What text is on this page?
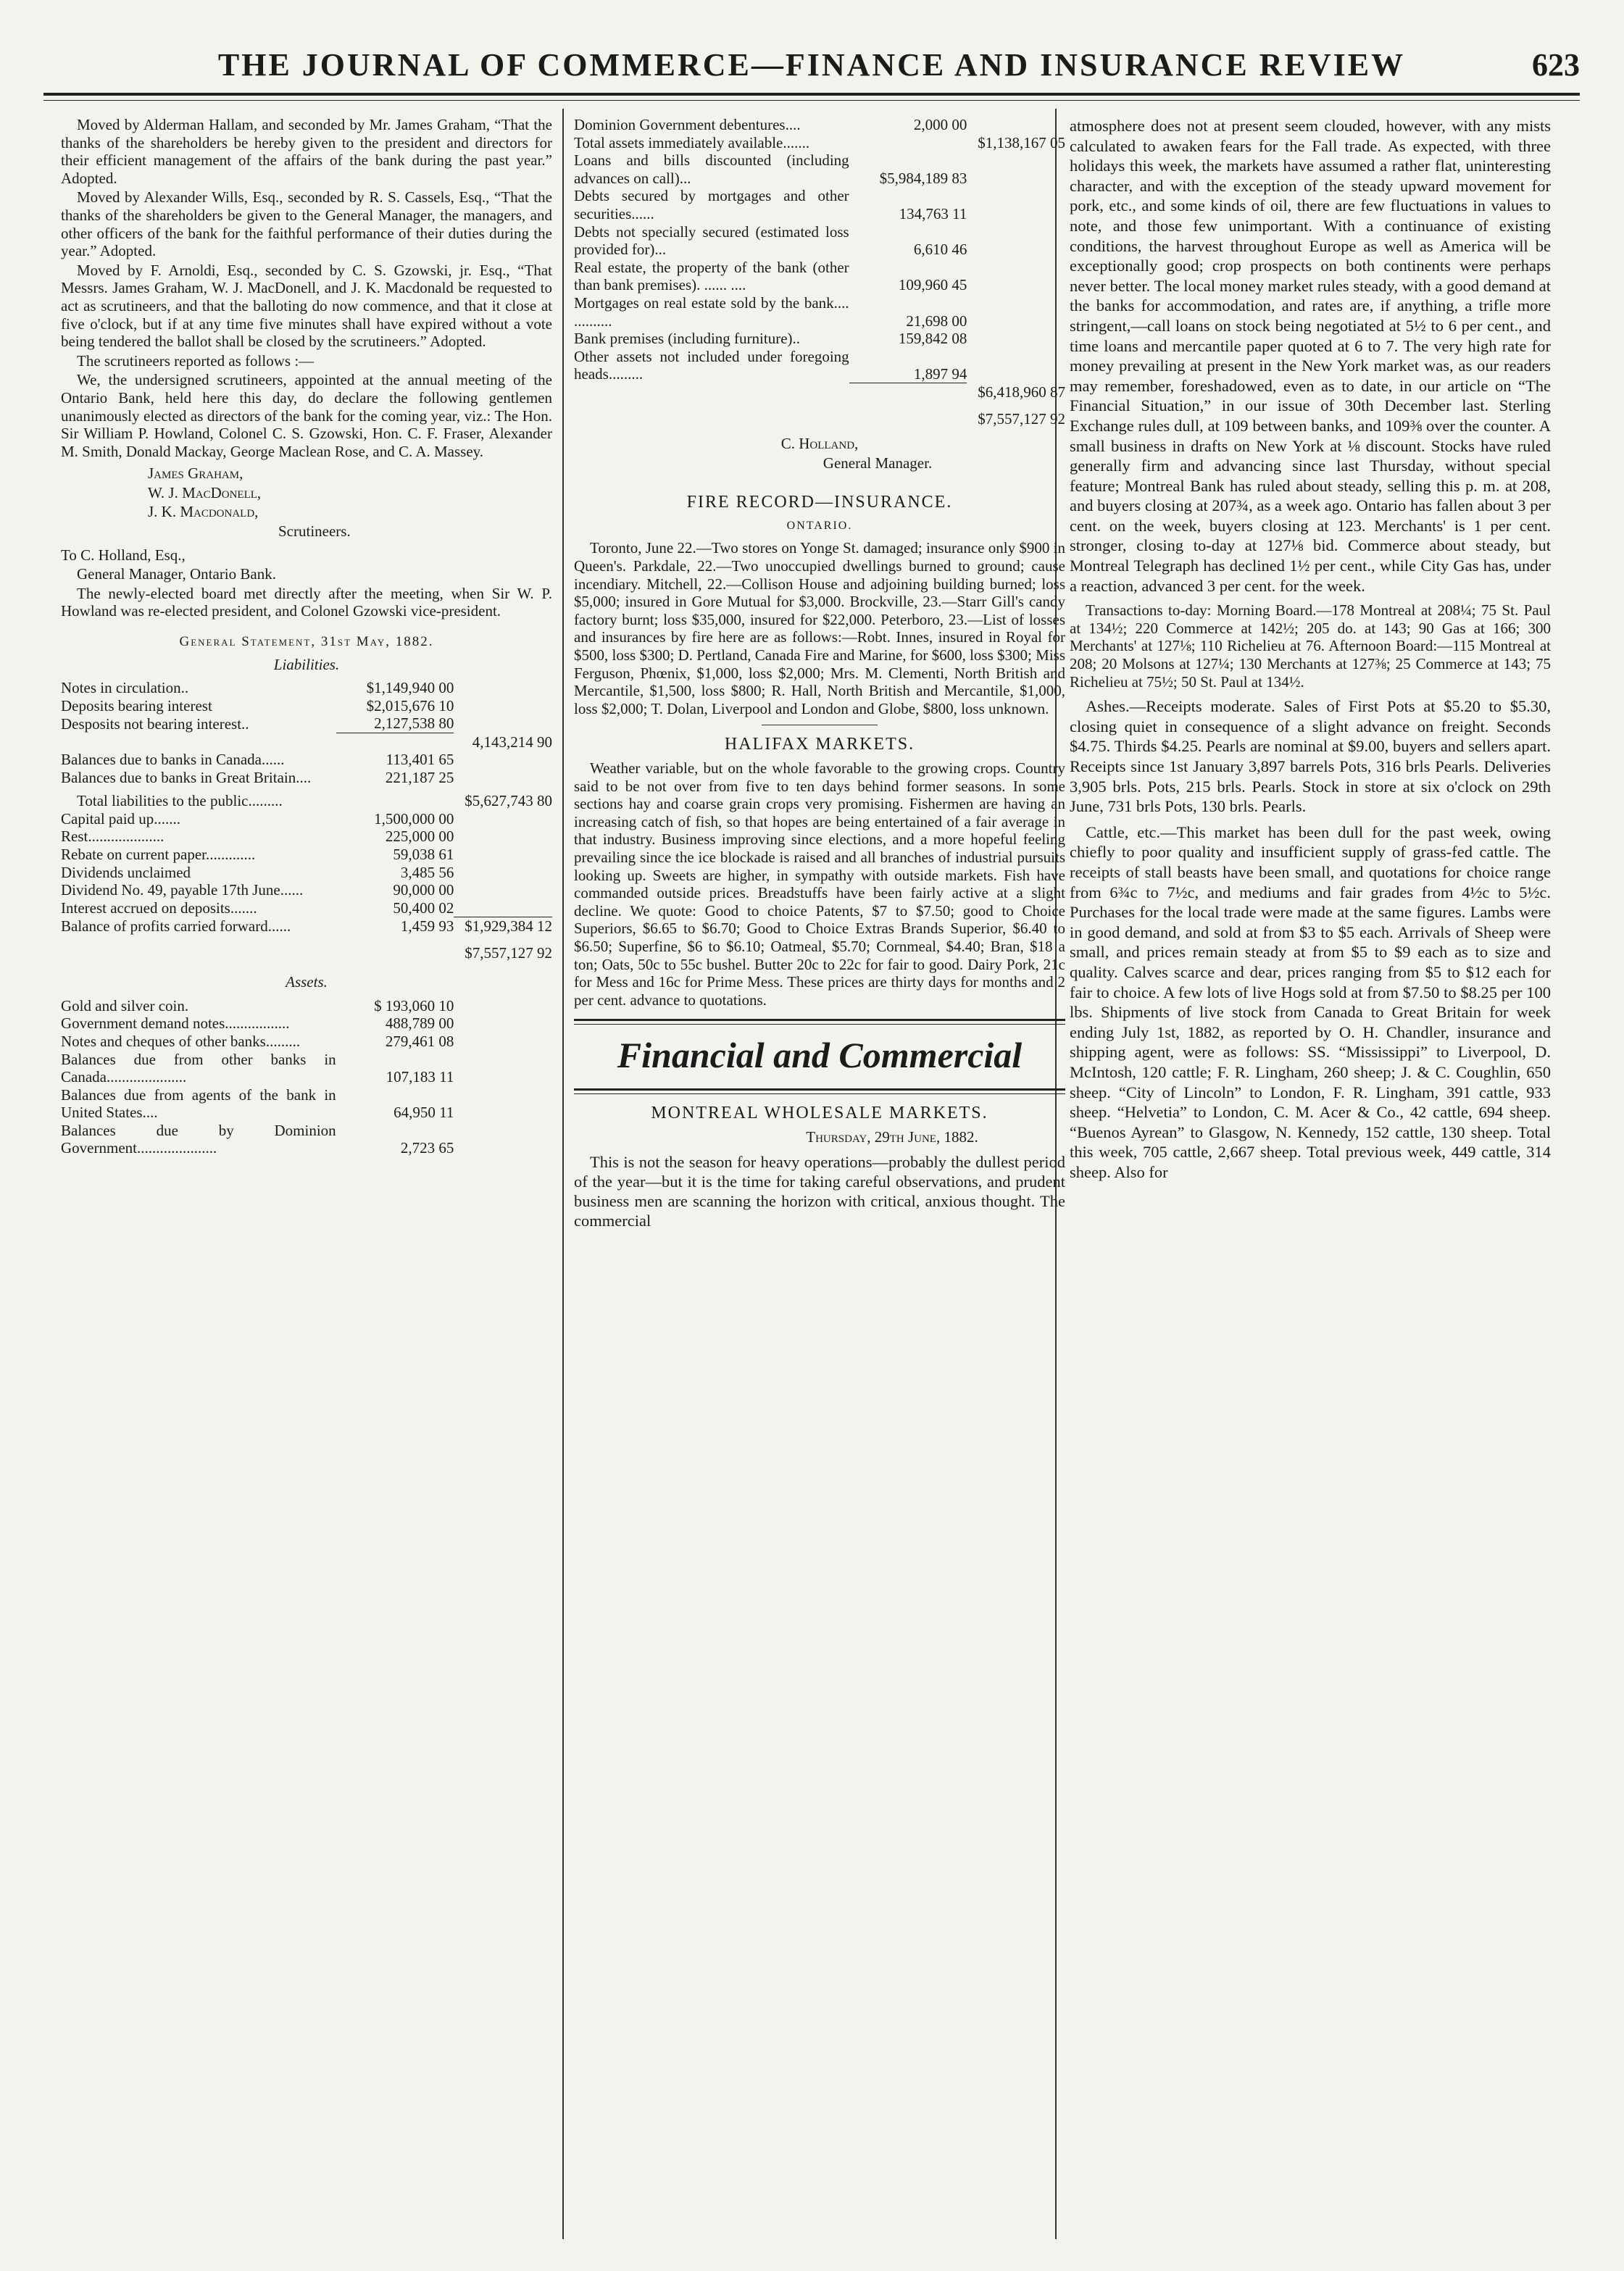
THE JOURNAL OF COMMERCE—FINANCE AND INSURANCE REVIEW	623

Moved by Alderman Hallam, and seconded by Mr. James Graham, “That the thanks of the shareholders be hereby given to the president and directors for their efficient management of the affairs of the bank during the past year.” Adopted.

Moved by Alexander Wills, Esq., seconded by R. S. Cassels, Esq., “That the thanks of the shareholders be given to the General Manager, the managers, and other officers of the bank for the faithful performance of their duties during the year.” Adopted.

Moved by F. Arnoldi, Esq., seconded by C. S. Gzowski, jr. Esq., “That Messrs. James Graham, W. J. MacDonell, and J. K. Macdonald be requested to act as scrutineers, and that the balloting do now commence, and that it close at five o'clock, but if at any time five minutes shall have expired without a vote being tendered the ballot shall be closed by the scrutineers.” Adopted.

The scrutineers reported as follows :—

We, the undersigned scrutineers, appointed at the annual meeting of the Ontario Bank, held here this day, do declare the following gentlemen unanimously elected as directors of the bank for the coming year, viz.: The Hon. Sir William P. Howland, Colonel C. S. Gzowski, Hon. C. F. Fraser, Alexander M. Smith, Donald Mackay, George Maclean Rose, and C. A. Massey.

James Graham,

W. J. MacDonell,

J. K. Macdonald,

Scrutineers.

To C. Holland, Esq.,

General Manager, Ontario Bank.

The newly-elected board met directly after the meeting, when Sir W. P. Howland was re-elected president, and Colonel Gzowski vice-president.

General Statement, 31st May, 1882.

Liabilities.

Notes in circulation..	$1,149,940 00	
Deposits bearing interest	$2,015,676 10	
Desposits not bearing interest..	2,127,538 80	
		4,143,214 90
Balances due to banks in Canada......	113,401 65	
Balances due to banks in Great Britain....	221,187 25	
Total liabilities to the public.........		$5,627,743 80
Capital paid up.......	1,500,000 00	
Rest....................	225,000 00	
Rebate on current paper.............	59,038 61	
Dividends unclaimed	3,485 56	
Dividend No. 49, payable 17th June......	90,000 00	
Interest accrued on deposits.......	50,400 02	
Balance of profits carried forward......	1,459 93	$1,929,384 12
		$7,557,127 92

Assets.

Gold and silver coin.	$ 193,060 10	
Government demand notes.................	488,789 00	
Notes and cheques of other banks.........	279,461 08	
Balances due from other banks in Canada.....................	107,183 11	
Balances due from agents of the bank in United States....	64,950 11	
Balances due by Dominion Government.....................	2,723 65	
Dominion Government debentures....	2,000 00	
Total assets immediately available.......		$1,138,167 05
Loans and bills discounted (including advances on call)...	$5,984,189 83	
Debts secured by mortgages and other securities......	134,763 11	
Debts not specially secured (estimated loss provided for)...	6,610 46	
Real estate, the property of the bank (other than bank premises). ...... ....	109,960 45	
Mortgages on real estate sold by the bank.... ..........	21,698 00	
Bank premises (including furniture)..	159,842 08	
Other assets not included under foregoing heads.........	1,897 94	
		$6,418,960 87
		$7,557,127 92

C. Holland,

General Manager.

FIRE RECORD—INSURANCE.

ONTARIO.

Toronto, June 22.—Two stores on Yonge St. damaged; insurance only $900 in Queen's. Parkdale, 22.—Two unoccupied dwellings burned to ground; cause incendiary. Mitchell, 22.—Collison House and adjoining building burned; loss $5,000; insured in Gore Mutual for $3,000. Brockville, 23.—Starr Gill's candy factory burnt; loss $35,000, insured for $22,000. Peterboro, 23.—List of losses and insurances by fire here are as follows:—Robt. Innes, insured in Royal for $500, loss $300; D. Pertland, Canada Fire and Marine, for $600, loss $300; Miss Ferguson, Phœnix, $1,000, loss $2,000; Mrs. M. Clementi, North British and Mercantile, $1,500, loss $800; R. Hall, North British and Mercantile, $1,000, loss $2,000; T. Dolan, Liverpool and London and Globe, $800, loss unknown.

HALIFAX MARKETS.

Weather variable, but on the whole favorable to the growing crops. Country said to be not over from five to ten days behind former seasons. In some sections hay and coarse grain crops very promising. Fishermen are having an increasing catch of fish, so that hopes are being entertained of a fair average in that industry. Business improving since elections, and a more hopeful feeling prevailing since the ice blockade is raised and all branches of industrial pursuits looking up. Sweets are higher, in sympathy with outside markets. Fish have commanded outside prices. Breadstuffs have been fairly active at a slight decline. We quote: Good to choice Patents, $7 to $7.50; good to Choice Superiors, $6.65 to $6.70; Good to Choice Extras Brands Superior, $6.40 to $6.50; Superfine, $6 to $6.10; Oatmeal, $5.70; Cornmeal, $4.40; Bran, $18 a ton; Oats, 50c to 55c bushel. Butter 20c to 22c for fair to good. Dairy Pork, 21c for Mess and 16c for Prime Mess. These prices are thirty days for months and 2 per cent. advance to quotations.

Financial and Commercial

MONTREAL WHOLESALE MARKETS.

Thursday, 29th June, 1882.

This is not the season for heavy operations—probably the dullest period of the year—but it is the time for taking careful observations, and prudent business men are scanning the horizon with critical, anxious thought. The commercial

atmosphere does not at present seem clouded, however, with any mists calculated to awaken fears for the Fall trade. As expected, with three holidays this week, the markets have assumed a rather flat, uninteresting character, and with the exception of the steady upward movement for pork, etc., and some kinds of oil, there are few fluctuations in values to note, and those few unimportant. With a continuance of existing conditions, the harvest throughout Europe as well as America will be exceptionally good; crop prospects on both continents were perhaps never better. The local money market rules steady, with a good demand at the banks for accommodation, and rates are, if anything, a trifle more stringent,—call loans on stock being negotiated at 5½ to 6 per cent., and time loans and mercantile paper quoted at 6 to 7. The very high rate for money prevailing at present in the New York market was, as our readers may remember, foreshadowed, even as to date, in our article on “The Financial Situation,” in our issue of 30th December last. Sterling Exchange rules dull, at 109 between banks, and 109⅜ over the counter. A small business in drafts on New York at ⅛ discount. Stocks have ruled generally firm and advancing since last Thursday, without special feature; Montreal Bank has ruled about steady, selling this p. m. at 208, and buyers closing at 207¾, as a week ago. Ontario has fallen about 3 per cent. on the week, buyers closing at 123. Merchants' is 1 per cent. stronger, closing to-day at 127⅛ bid. Commerce about steady, but Montreal Telegraph has declined 1½ per cent., while City Gas has, under a reaction, advanced 3 per cent. for the week.

Transactions to-day: Morning Board.—178 Montreal at 208¼; 75 St. Paul at 134½; 220 Commerce at 142½; 205 do. at 143; 90 Gas at 166; 300 Merchants' at 127⅛; 110 Richelieu at 76. Afternoon Board:—115 Montreal at 208; 20 Molsons at 127¼; 130 Merchants at 127⅜; 25 Commerce at 143; 75 Richelieu at 75½; 50 St. Paul at 134½.

Ashes.—Receipts moderate. Sales of First Pots at $5.20 to $5.30, closing quiet in consequence of a slight advance on freight. Seconds $4.75. Thirds $4.25. Pearls are nominal at $9.00, buyers and sellers apart. Receipts since 1st January 3,897 barrels Pots, 316 brls Pearls. Deliveries 3,905 brls. Pots, 215 brls. Pearls. Stock in store at six o'clock on 29th June, 731 brls Pots, 130 brls. Pearls.

Cattle, etc.—This market has been dull for the past week, owing chiefly to poor quality and insufficient supply of grass-fed cattle. The receipts of stall beasts have been small, and quotations for choice range from 6¾c to 7½c, and mediums and fair grades from 4½c to 5½c. Purchases for the local trade were made at the same figures. Lambs were in good demand, and sold at from $3 to $5 each. Arrivals of Sheep were small, and prices remain steady at from $5 to $9 each as to size and quality. Calves scarce and dear, prices ranging from $5 to $12 each for fair to choice. A few lots of live Hogs sold at from $7.50 to $8.25 per 100 lbs. Shipments of live stock from Canada to Great Britain for week ending July 1st, 1882, as reported by O. H. Chandler, insurance and shipping agent, were as follows: SS. “Mississippi” to Liverpool, D. McIntosh, 120 cattle; F. R. Lingham, 260 sheep; J. & C. Coughlin, 650 sheep. “City of Lincoln” to London, F. R. Lingham, 391 cattle, 933 sheep. “Helvetia” to London, C. M. Acer & Co., 42 cattle, 694 sheep. “Buenos Ayrean” to Glasgow, N. Kennedy, 152 cattle, 130 sheep. Total this week, 705 cattle, 2,667 sheep. Total previous week, 449 cattle, 314 sheep. Also for
